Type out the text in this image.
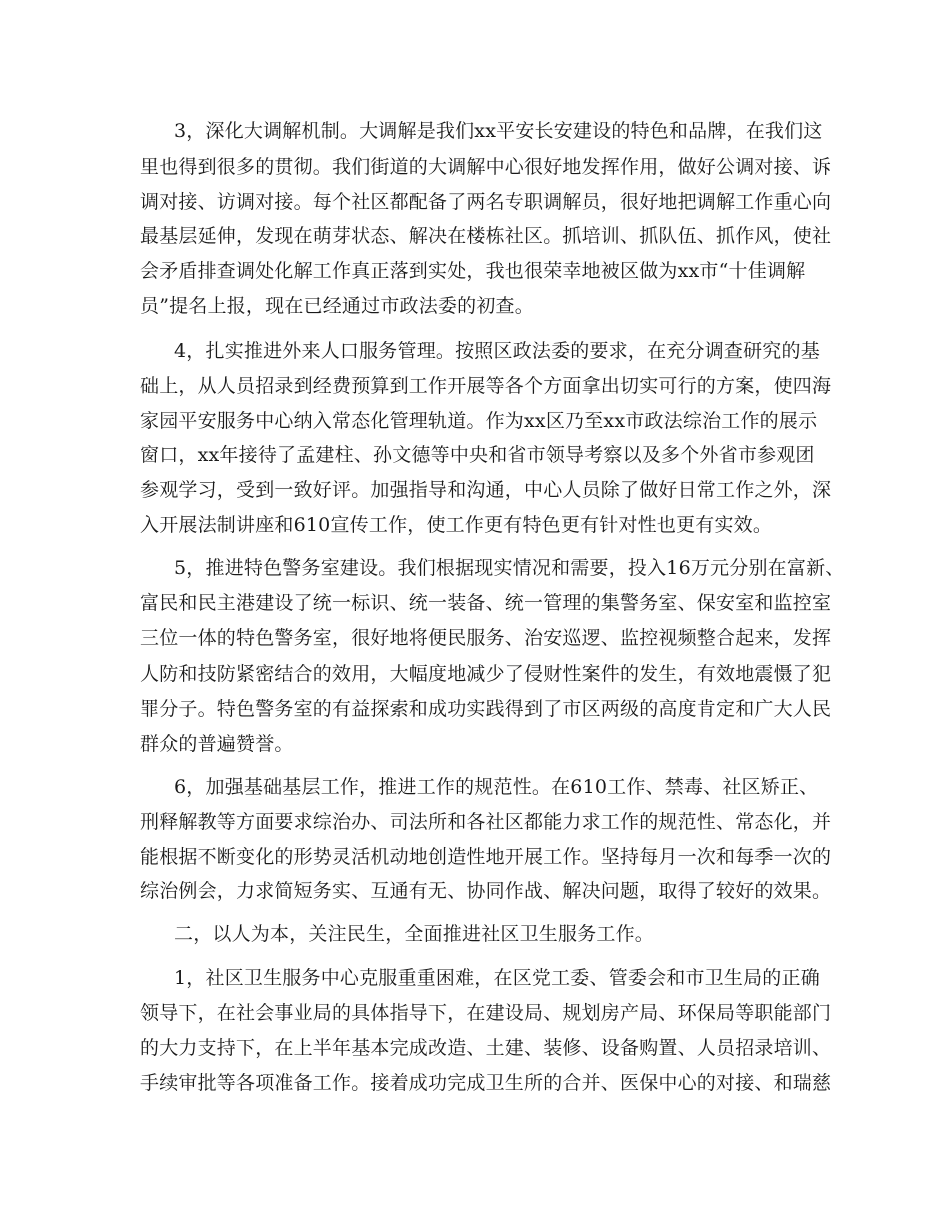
3，深化大调解机制。大调解是我们xx平安长安建设的特色和品牌，在我们这
里也得到很多的贯彻。我们街道的大调解中心很好地发挥作用，做好公调对接、诉
调对接、访调对接。每个社区都配备了两名专职调解员，很好地把调解工作重心向
最基层延伸，发现在萌芽状态、解决在楼栋社区。抓培训、抓队伍、抓作风，使社
会矛盾排查调处化解工作真正落到实处，我也很荣幸地被区做为xx市“十佳调解
员”提名上报，现在已经通过市政法委的初查。
4，扎实推进外来人口服务管理。按照区政法委的要求，在充分调查研究的基
础上，从人员招录到经费预算到工作开展等各个方面拿出切实可行的方案，使四海
家园平安服务中心纳入常态化管理轨道。作为xx区乃至xx市政法综治工作的展示
窗口，xx年接待了孟建柱、孙文德等中央和省市领导考察以及多个外省市参观团
参观学习，受到一致好评。加强指导和沟通，中心人员除了做好日常工作之外，深
入开展法制讲座和610宣传工作，使工作更有特色更有针对性也更有实效。
5，推进特色警务室建设。我们根据现实情况和需要，投入16万元分别在富新、
富民和民主港建设了统一标识、统一装备、统一管理的集警务室、保安室和监控室
三位一体的特色警务室，很好地将便民服务、治安巡逻、监控视频整合起来，发挥
人防和技防紧密结合的效用，大幅度地减少了侵财性案件的发生，有效地震慑了犯
罪分子。特色警务室的有益探索和成功实践得到了市区两级的高度肯定和广大人民
群众的普遍赞誉。
6，加强基础基层工作，推进工作的规范性。在610工作、禁毒、社区矫正、
刑释解教等方面要求综治办、司法所和各社区都能力求工作的规范性、常态化，并
能根据不断变化的形势灵活机动地创造性地开展工作。坚持每月一次和每季一次的
综治例会，力求简短务实、互通有无、协同作战、解决问题，取得了较好的效果。
二，以人为本，关注民生，全面推进社区卫生服务工作。
1，社区卫生服务中心克服重重困难，在区党工委、管委会和市卫生局的正确
领导下，在社会事业局的具体指导下，在建设局、规划房产局、环保局等职能部门
的大力支持下，在上半年基本完成改造、土建、装修、设备购置、人员招录培训、
手续审批等各项准备工作。接着成功完成卫生所的合并、医保中心的对接、和瑞慈
